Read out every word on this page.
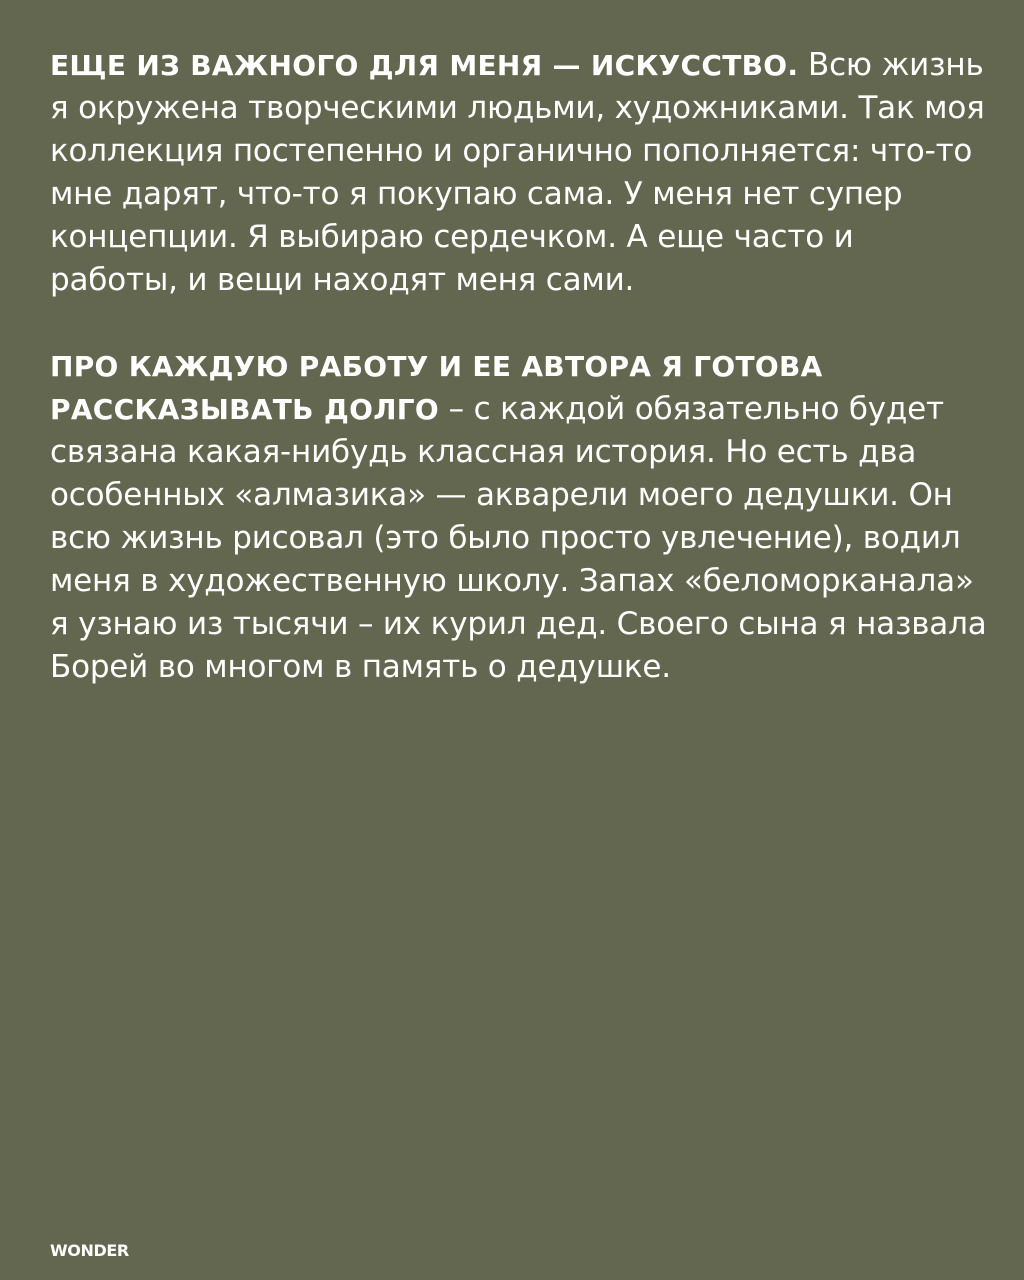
ЕЩЕ ИЗ ВАЖНОГО ДЛЯ МЕНЯ — ИСКУССТВО. Всю жизнь я окружена творческими людьми, художниками. Так моя коллекция постепенно и органично пополняется: что-то мне дарят, что-то я покупаю сама. У меня нет супер концепции. Я выбираю сердечком. А еще часто и работы, и вещи находят меня сами.

ПРО КАЖДУЮ РАБОТУ И ЕЕ АВТОРА Я ГОТОВА РАССКАЗЫВАТЬ ДОЛГО – с каждой обязательно будет связана какая-нибудь классная история. Но есть два особенных «алмазика» — акварели моего дедушки. Он всю жизнь рисовал (это было просто увлечение), водил меня в художественную школу. Запах «беломорканала» я узнаю из тысячи – их курил дед. Своего сына я назвала Борей во многом в память о дедушке.

WONDER
